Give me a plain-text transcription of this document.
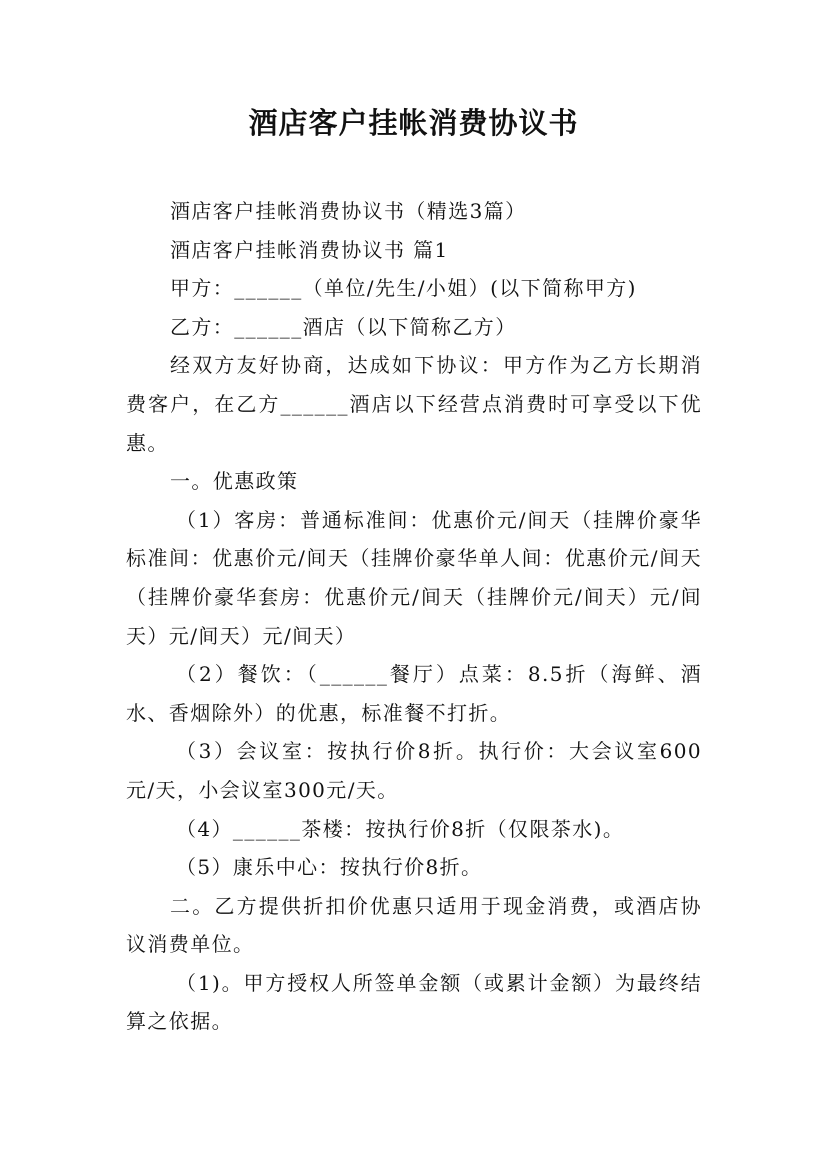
酒店客户挂帐消费协议书

酒店客户挂帐消费协议书（精选3篇）

酒店客户挂帐消费协议书 篇1

甲方：______（单位/先生/小姐）(以下简称甲方)

乙方：______酒店（以下简称乙方）

经双方友好协商，达成如下协议：甲方作为乙方长期消费客户，在乙方______酒店以下经营点消费时可享受以下优惠。

一。优惠政策

（1）客房：普通标准间：优惠价元/间天（挂牌价豪华标准间：优惠价元/间天（挂牌价豪华单人间：优惠价元/间天（挂牌价豪华套房：优惠价元/间天（挂牌价元/间天）元/间天）元/间天）元/间天）

（2）餐饮：（______餐厅）点菜：8.5折（海鲜、酒水、香烟除外）的优惠，标准餐不打折。

（3）会议室：按执行价8折。执行价：大会议室600元/天，小会议室300元/天。

（4）______茶楼：按执行价8折（仅限茶水)。

（5）康乐中心：按执行价8折。

二。乙方提供折扣价优惠只适用于现金消费，或酒店协议消费单位。

（1)。甲方授权人所签单金额（或累计金额）为最终结算之依据。
